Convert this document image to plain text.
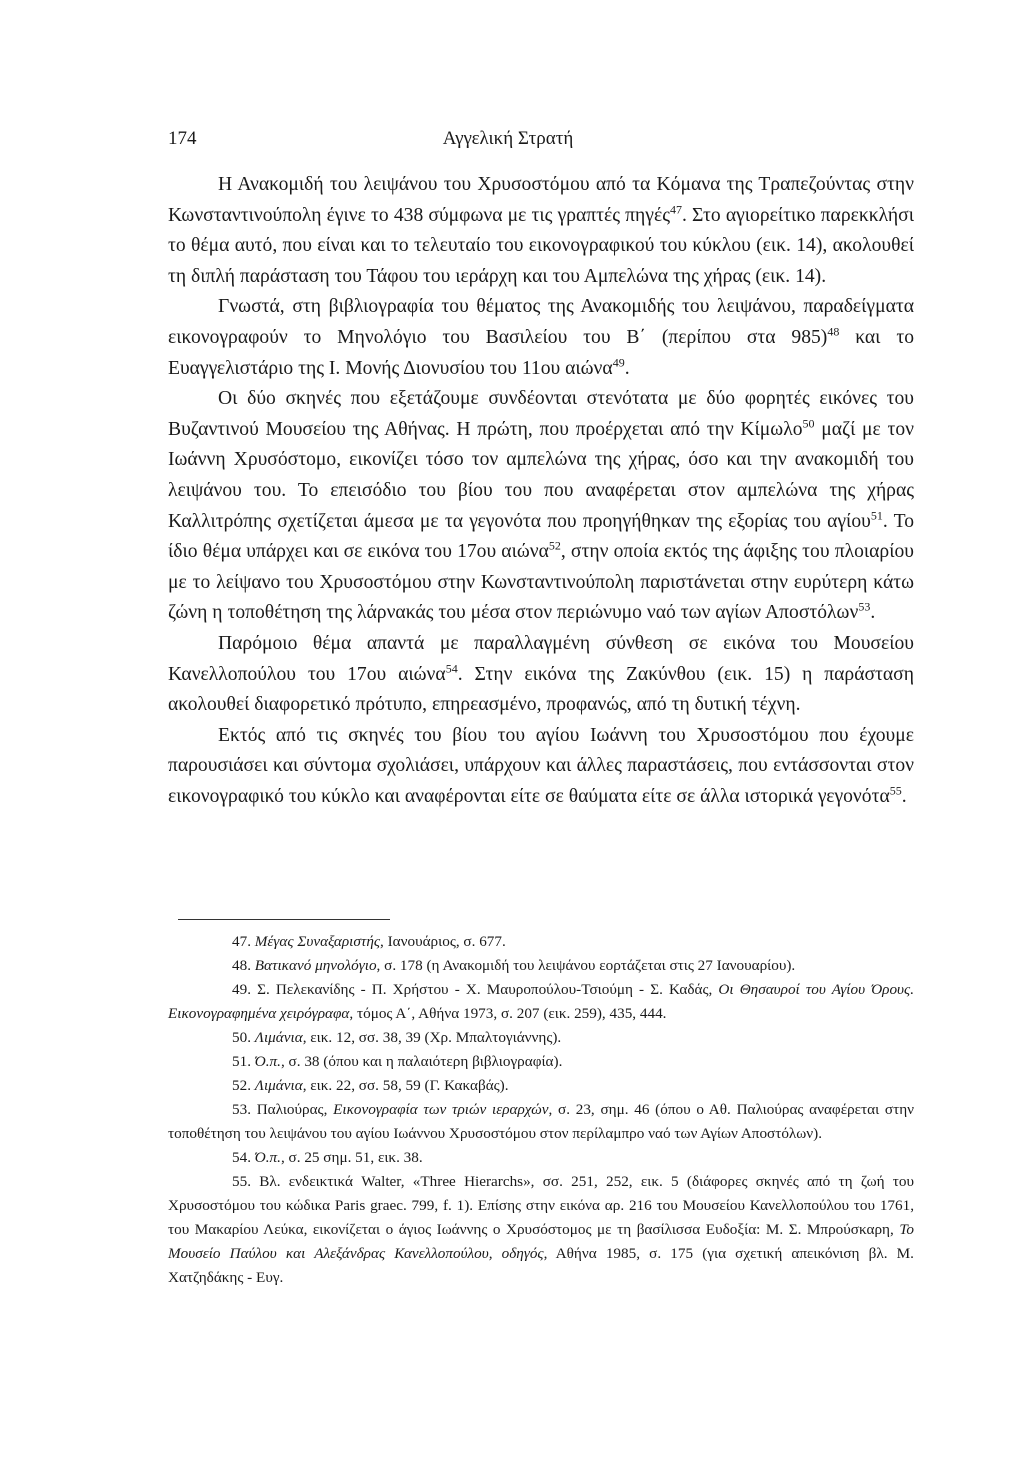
174	Αγγελική Στρατή

Η Ανακομιδή του λειψάνου του Χρυσοστόμου από τα Κόμανα της Τραπεζούντας στην Κωνσταντινούπολη έγινε το 438 σύμφωνα με τις γραπτές πηγές$^{47}$. Στο αγιορείτικο παρεκκλήσι το θέμα αυτό, που είναι και το τελευταίο του εικονογραφικού του κύκλου (εικ. 14), ακολουθεί τη διπλή παράσταση του Τάφου του ιεράρχη και του Αμπελώνα της χήρας (εικ. 14).

Γνωστά, στη βιβλιογραφία του θέματος της Ανακομιδής του λειψάνου, παραδείγματα εικονογραφούν το Μηνολόγιο του Βασιλείου του Β΄ (περίπου στα 985)$^{48}$ και το Ευαγγελιστάριο της Ι. Μονής Διονυσίου του 11ου αιώνα$^{49}$.

Οι δύο σκηνές που εξετάζουμε συνδέονται στενότατα με δύο φορητές εικόνες του Βυζαντινού Μουσείου της Αθήνας. Η πρώτη, που προέρχεται από την Κίμωλο$^{50}$ μαζί με τον Ιωάννη Χρυσόστομο, εικονίζει τόσο τον αμπελώνα της χήρας, όσο και την ανακομιδή του λειψάνου του. Το επεισόδιο του βίου του που αναφέρεται στον αμπελώνα της χήρας Καλλιτρόπης σχετίζεται άμεσα με τα γεγονότα που προηγήθηκαν της εξορίας του αγίου$^{51}$. Το ίδιο θέμα υπάρχει και σε εικόνα του 17ου αιώνα$^{52}$, στην οποία εκτός της άφιξης του πλοιαρίου με το λείψανο του Χρυσοστόμου στην Κωνσταντινούπολη παριστάνεται στην ευρύτερη κάτω ζώνη η τοποθέτηση της λάρνακάς του μέσα στον περιώνυμο ναό των αγίων Αποστόλων$^{53}$.

Παρόμοιο θέμα απαντά με παραλλαγμένη σύνθεση σε εικόνα του Μουσείου Κανελλοπούλου του 17ου αιώνα$^{54}$. Στην εικόνα της Ζακύνθου (εικ. 15) η παράσταση ακολουθεί διαφορετικό πρότυπο, επηρεασμένο, προφανώς, από τη δυτική τέχνη.

Εκτός από τις σκηνές του βίου του αγίου Ιωάννη του Χρυσοστόμου που έχουμε παρουσιάσει και σύντομα σχολιάσει, υπάρχουν και άλλες παραστάσεις, που εντάσσονται στον εικονογραφικό του κύκλο και αναφέρονται είτε σε θαύματα είτε σε άλλα ιστορικά γεγονότα$^{55}$.

47. Μέγας Συναξαριστής, Ιανουάριος, σ. 677.

48. Βατικανό μηνολόγιο, σ. 178 (η Ανακομιδή του λειψάνου εορτάζεται στις 27 Ιανουαρίου).

49. Σ. Πελεκανίδης - Π. Χρήστου - Χ. Μαυροπούλου-Τσιούμη - Σ. Καδάς, Οι Θησαυροί του Αγίου Όρους. Εικονογραφημένα χειρόγραφα, τόμος Α΄, Αθήνα 1973, σ. 207 (εικ. 259), 435, 444.

50. Λιμάνια, εικ. 12, σσ. 38, 39 (Χρ. Μπαλτογιάννης).

51. Ό.π., σ. 38 (όπου και η παλαιότερη βιβλιογραφία).

52. Λιμάνια, εικ. 22, σσ. 58, 59 (Γ. Κακαβάς).

53. Παλιούρας, Εικονογραφία των τριών ιεραρχών, σ. 23, σημ. 46 (όπου ο Αθ. Παλιούρας αναφέρεται στην τοποθέτηση του λειψάνου του αγίου Ιωάννου Χρυσοστόμου στον περίλαμπρο ναό των Αγίων Αποστόλων).

54. Ό.π., σ. 25 σημ. 51, εικ. 38.

55. Βλ. ενδεικτικά Walter, «Three Hierarchs», σσ. 251, 252, εικ. 5 (διάφορες σκηνές από τη ζωή του Χρυσοστόμου του κώδικα Paris graec. 799, f. 1). Επίσης στην εικόνα αρ. 216 του Μουσείου Κανελλοπούλου του 1761, του Μακαρίου Λεύκα, εικονίζεται ο άγιος Ιωάννης ο Χρυσόστομος με τη βασίλισσα Ευδοξία: Μ. Σ. Μπρούσκαρη, Το Μουσείο Παύλου και Αλεξάνδρας Κανελλοπούλου, οδηγός, Αθήνα 1985, σ. 175 (για σχετική απεικόνιση βλ. Μ. Χατζηδάκης - Ευγ.
